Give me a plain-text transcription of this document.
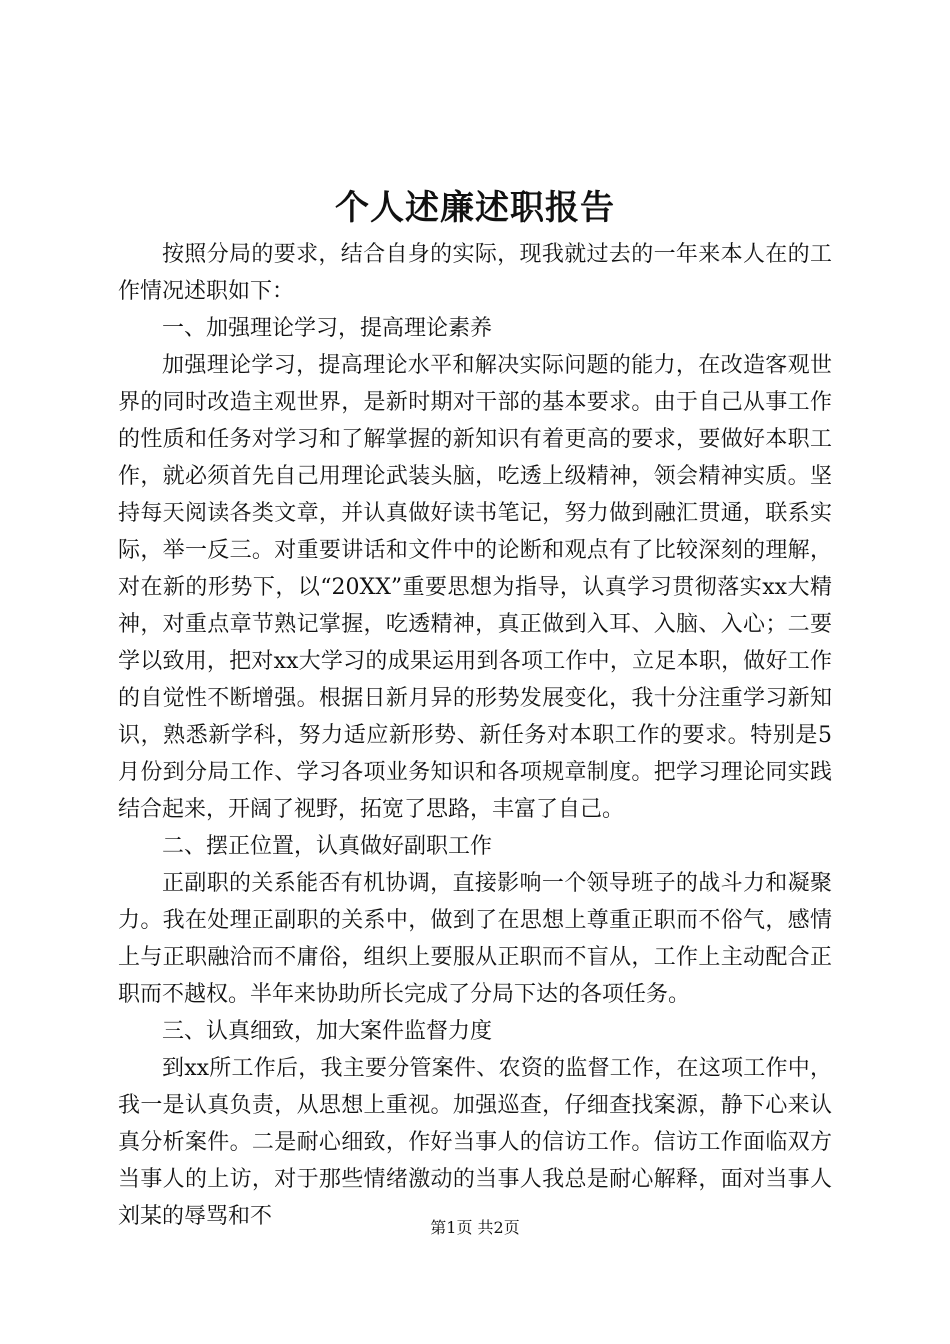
个人述廉述职报告

按照分局的要求，结合自身的实际，现我就过去的一年来本人在的工作情况述职如下：

一、加强理论学习，提高理论素养

加强理论学习，提高理论水平和解决实际问题的能力，在改造客观世界的同时改造主观世界，是新时期对干部的基本要求。由于自己从事工作的性质和任务对学习和了解掌握的新知识有着更高的要求，要做好本职工作，就必须首先自己用理论武装头脑，吃透上级精神，领会精神实质。坚持每天阅读各类文章，并认真做好读书笔记，努力做到融汇贯通，联系实际，举一反三。对重要讲话和文件中的论断和观点有了比较深刻的理解，对在新的形势下，以“20XX”重要思想为指导，认真学习贯彻落实xx大精神，对重点章节熟记掌握，吃透精神，真正做到入耳、入脑、入心；二要学以致用，把对xx大学习的成果运用到各项工作中，立足本职，做好工作的自觉性不断增强。根据日新月异的形势发展变化，我十分注重学习新知识，熟悉新学科，努力适应新形势、新任务对本职工作的要求。特别是5月份到分局工作、学习各项业务知识和各项规章制度。把学习理论同实践结合起来，开阔了视野，拓宽了思路，丰富了自己。

二、摆正位置，认真做好副职工作

正副职的关系能否有机协调，直接影响一个领导班子的战斗力和凝聚力。我在处理正副职的关系中，做到了在思想上尊重正职而不俗气，感情上与正职融洽而不庸俗，组织上要服从正职而不盲从，工作上主动配合正职而不越权。半年来协助所长完成了分局下达的各项任务。

三、认真细致，加大案件监督力度

到xx所工作后，我主要分管案件、农资的监督工作，在这项工作中，我一是认真负责，从思想上重视。加强巡查，仔细查找案源，静下心来认真分析案件。二是耐心细致，作好当事人的信访工作。信访工作面临双方当事人的上访，对于那些情绪激动的当事人我总是耐心解释，面对当事人刘某的辱骂和不	第1页 共2页
